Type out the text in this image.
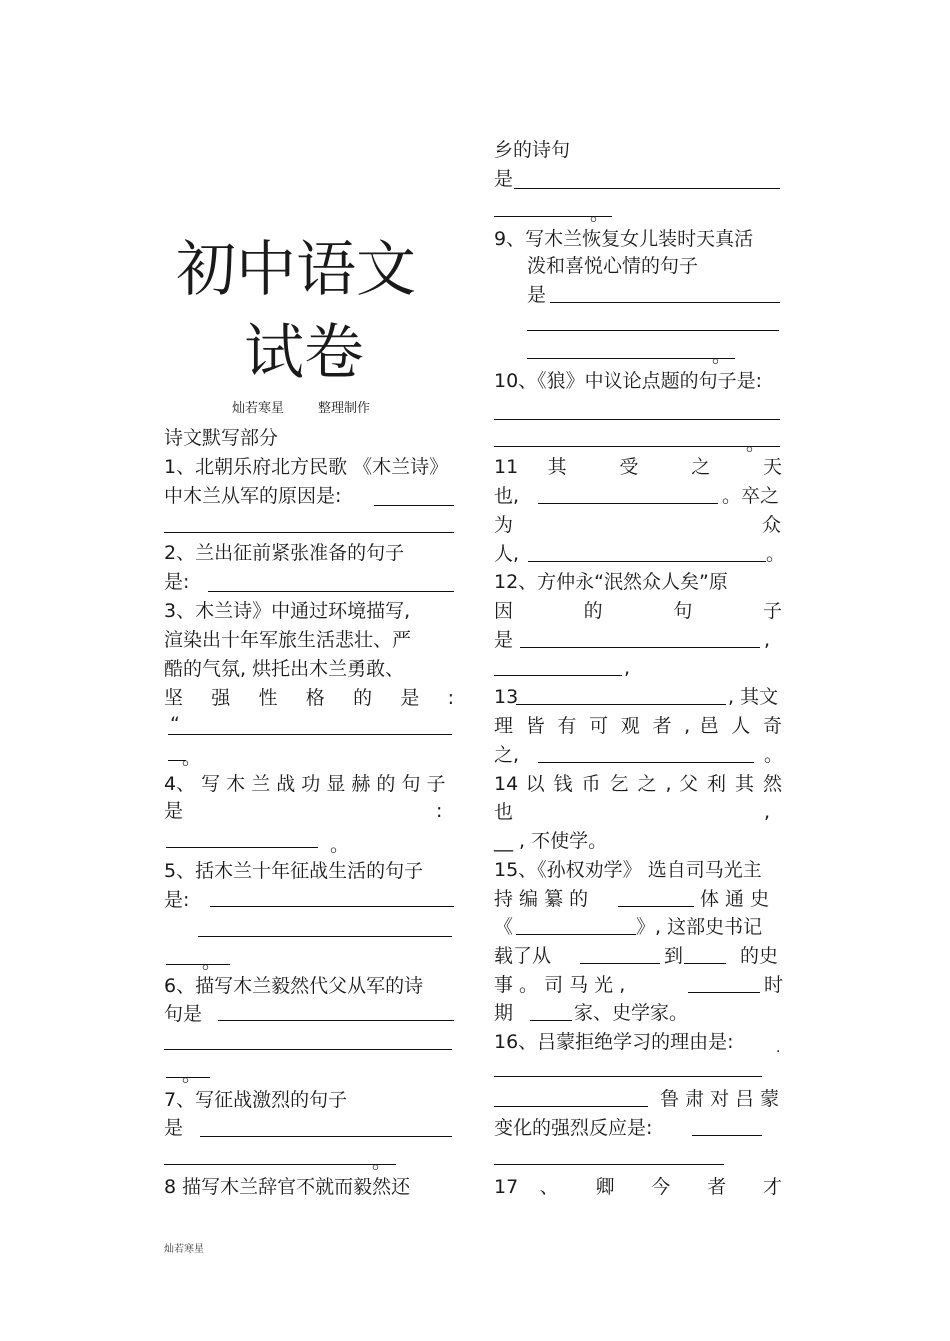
初中语文
试卷
灿若寒星	整理制作
诗文默写部分
1、北朝乐府北方民歌 《木兰诗》
中木兰从军的原因是:
2、兰出征前紧张准备的句子
是:
3、木兰诗》中通过环境描写,
渲染出十年军旅生活悲壮、严
酷的气氛, 烘托出木兰勇敢、
坚 强 性 格 的 是 :
“
。
4、 写 木 兰 战 功 显 赫 的 句 子
是	:
。
5、括木兰十年征战生活的句子
是:
。
6、描写木兰毅然代父从军的诗
句是
。
7、写征战激烈的句子
是
。
8 描写木兰辞官不就而毅然还
乡的诗句
是
。
9、写木兰恢复女儿装时天真活
泼和喜悦心情的句子
是
。
10、《狼》中议论点题的句子是:
。
11 其 受 之 天
也,	。卒之
为	众
人,	。
12、方仲永“泯然众人矣”原
因 的 句 子
是	,
,
13	, 其文
理 皆 有 可 观 者 , 邑 人 奇
之,	。
14 以 钱 币 乞 之 , 父 利 其 然
也	,
__ , 不使学。
15、《孙权劝学》 选自司马光主
持 编 纂 的	体 通 史
《	》, 这部史书记
载了从	到	的史
事 。 司 马 光 ,	时
期	家、史学家。
16、吕蒙拒绝学习的理由是:	.
鲁 肃 对 吕 蒙
变化的强烈反应是:
17 、 卿 今 者 才
灿若寒星
